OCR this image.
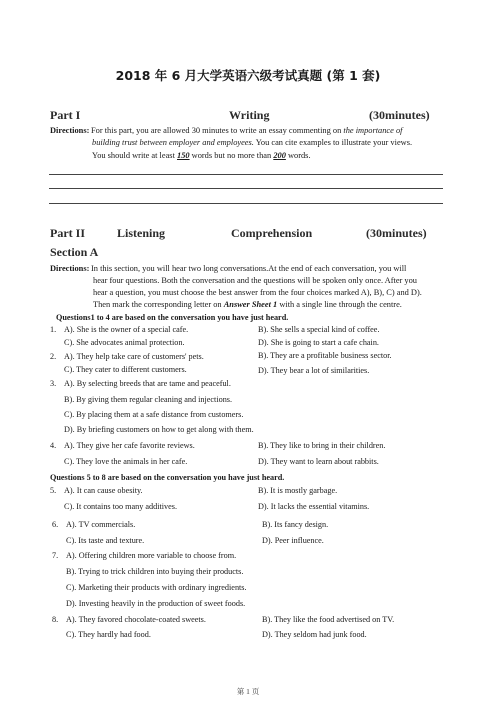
2018 年 6 月大学英语六级考试真题 (第 1 套)
Part I	Writing	(30minutes)
Directions: For this part, you are allowed 30 minutes to write an essay commenting on the importance of
building trust between employer and employees. You can cite examples to illustrate your views.
You should write at least 150 words but no more than 200 words.
Part II	Listening	Comprehension	(30minutes)
Section A
Directions: In this section, you will hear two long conversations.At the end of each conversation, you will
hear four questions. Both the conversation and the questions will be spoken only once. After you
hear a question, you must choose the best answer from the four choices marked A), B), C) and D).
Then mark the corresponding letter on Answer Sheet 1 with a single line through the centre.
Questions1 to 4 are based on the conversation you have just heard.
1. A). She is the owner of a special cafe.	B). She sells a special kind of coffee.
C). She advocates animal protection.	D). She is going to start a cafe chain.
2. A). They help take care of customers' pets.	B). They are a profitable business sector.
C). They cater to different customers.	D). They bear a lot of similarities.
3. A). By selecting breeds that are tame and peaceful.
B). By giving them regular cleaning and injections.
C). By placing them at a safe distance from customers.
D). By briefing customers on how to get along with them.
4. A). They give her cafe favorite reviews.	B). They like to bring in their children.
C). They love the animals in her cafe.	D). They want to learn about rabbits.
Questions 5 to 8 are based on the conversation you have just heard.
5. A). It can cause obesity.	B). It is mostly garbage.
C). It contains too many additives.	D). It lacks the essential vitamins.
6. A). TV commercials.	B). Its fancy design.
C). Its taste and texture.	D). Peer influence.
7. A). Offering children more variable to choose from.
B). Trying to trick children into buying their products.
C). Marketing their products with ordinary ingredients.
D). Investing heavily in the production of sweet foods.
8. A). They favored chocolate-coated sweets.	B). They like the food advertised on TV.
C). They hardly had food.	D). They seldom had junk food.
第 1 页
